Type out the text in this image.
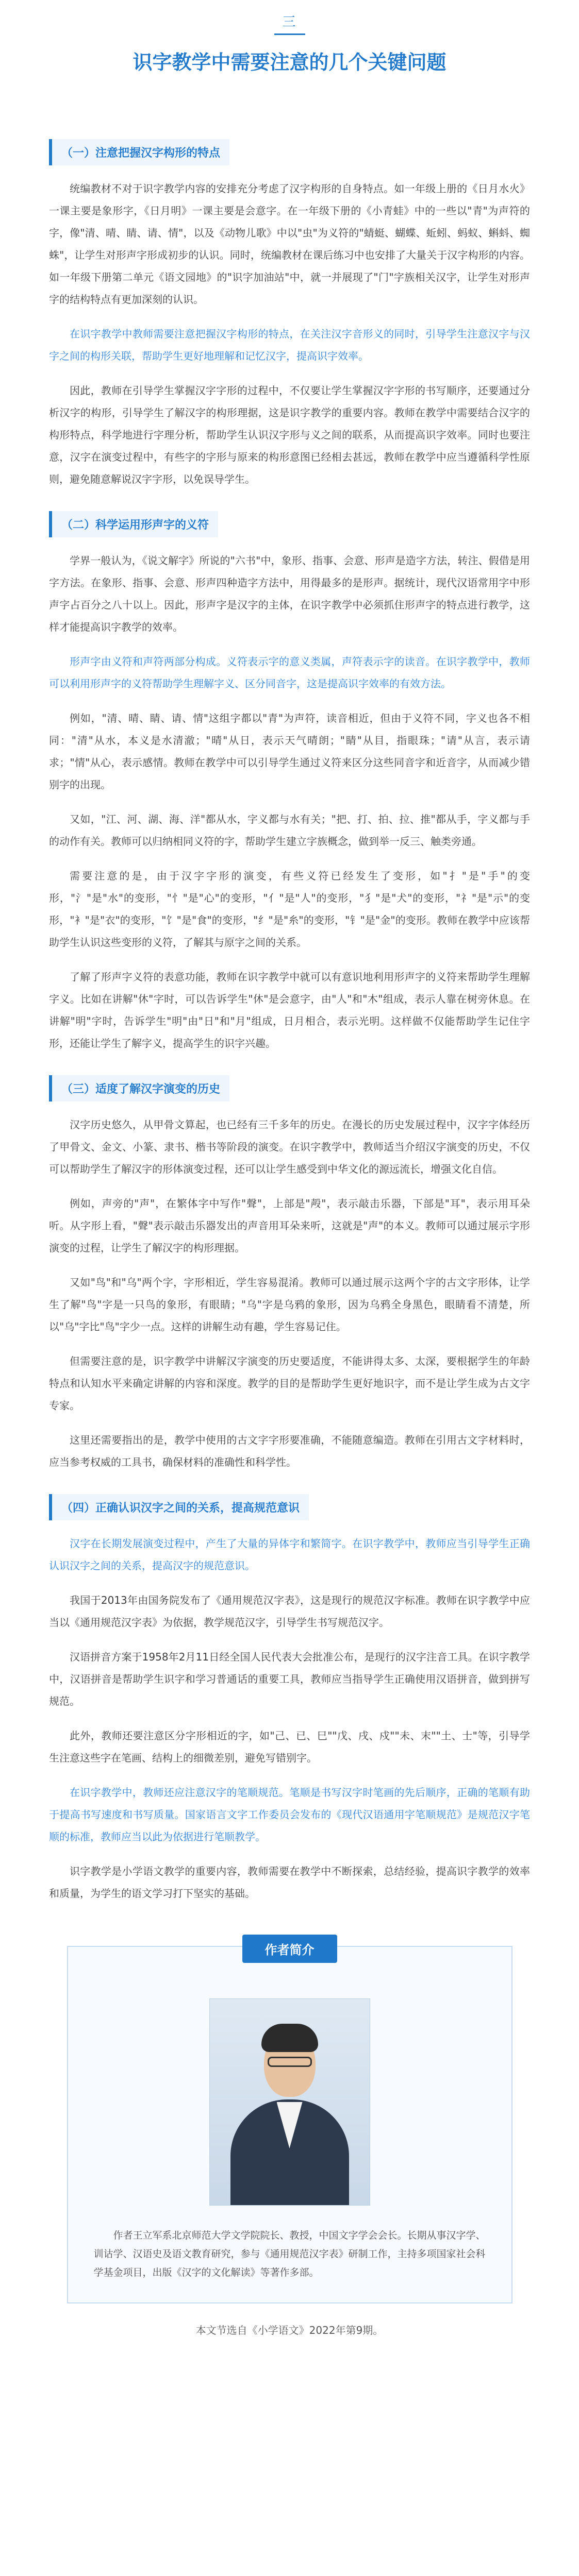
三
识字教学中需要注意的几个关键问题
（一）注意把握汉字构形的特点

统编教材不对于识字教学内容的安排充分考虑了汉字构形的自身特点。如一年级上册的《日月水火》一课主要是象形字，《日月明》一课主要是会意字。在一年级下册的《小青蛙》中的一些以"青"为声符的字，像"清、晴、睛、请、情"，以及《动物儿歌》中以"虫"为义符的"蜻蜓、蝴蝶、蚯蚓、蚂蚁、蝌蚪、蜘蛛"，让学生对形声字形成初步的认识。同时，统编教材在课后练习中也安排了大量关于汉字构形的内容。如一年级下册第二单元《语文园地》的"识字加油站"中，就一并展现了"门"字族相关汉字，让学生对形声字的结构特点有更加深刻的认识。

在识字教学中教师需要注意把握汉字构形的特点，在关注汉字音形义的同时，引导学生注意汉字与汉字之间的构形关联，帮助学生更好地理解和记忆汉字，提高识字效率。

因此，教师在引导学生掌握汉字字形的过程中，不仅要让学生掌握汉字字形的书写顺序，还要通过分析汉字的构形，引导学生了解汉字的构形理据，这是识字教学的重要内容。教师在教学中需要结合汉字的构形特点，科学地进行字理分析，帮助学生认识汉字形与义之间的联系，从而提高识字效率。同时也要注意，汉字在演变过程中，有些字的字形与原来的构形意图已经相去甚远，教师在教学中应当遵循科学性原则，避免随意解说汉字字形，以免误导学生。

（二）科学运用形声字的义符

学界一般认为，《说文解字》所说的"六书"中，象形、指事、会意、形声是造字方法，转注、假借是用字方法。在象形、指事、会意、形声四种造字方法中，用得最多的是形声。据统计，现代汉语常用字中形声字占百分之八十以上。因此，形声字是汉字的主体，在识字教学中必须抓住形声字的特点进行教学，这样才能提高识字教学的效率。

形声字由义符和声符两部分构成。义符表示字的意义类属，声符表示字的读音。在识字教学中，教师可以利用形声字的义符帮助学生理解字义、区分同音字，这是提高识字效率的有效方法。

例如，"清、晴、睛、请、情"这组字都以"青"为声符，读音相近，但由于义符不同，字义也各不相同："清"从水，本义是水清澈；"晴"从日，表示天气晴朗；"睛"从目，指眼珠；"请"从言，表示请求；"情"从心，表示感情。教师在教学中可以引导学生通过义符来区分这些同音字和近音字，从而减少错别字的出现。

又如，"江、河、湖、海、洋"都从水，字义都与水有关；"把、打、拍、拉、推"都从手，字义都与手的动作有关。教师可以归纳相同义符的字，帮助学生建立字族概念，做到举一反三、触类旁通。

需要注意的是，由于汉字字形的演变，有些义符已经发生了变形，如"扌"是"手"的变形，"氵"是"水"的变形，"忄"是"心"的变形，"亻"是"人"的变形，"犭"是"犬"的变形，"礻"是"示"的变形，"衤"是"衣"的变形，"饣"是"食"的变形，"纟"是"糸"的变形，"钅"是"金"的变形。教师在教学中应该帮助学生认识这些变形的义符，了解其与原字之间的关系。

了解了形声字义符的表意功能，教师在识字教学中就可以有意识地利用形声字的义符来帮助学生理解字义。比如在讲解"休"字时，可以告诉学生"休"是会意字，由"人"和"木"组成，表示人靠在树旁休息。在讲解"明"字时，告诉学生"明"由"日"和"月"组成，日月相合，表示光明。这样做不仅能帮助学生记住字形，还能让学生了解字义，提高学生的识字兴趣。

（三）适度了解汉字演变的历史

汉字历史悠久，从甲骨文算起，也已经有三千多年的历史。在漫长的历史发展过程中，汉字字体经历了甲骨文、金文、小篆、隶书、楷书等阶段的演变。在识字教学中，教师适当介绍汉字演变的历史，不仅可以帮助学生了解汉字的形体演变过程，还可以让学生感受到中华文化的源远流长，增强文化自信。

例如，声旁的"声"，在繁体字中写作"聲"，上部是"殸"，表示敲击乐器，下部是"耳"，表示用耳朵听。从字形上看，"聲"表示敲击乐器发出的声音用耳朵来听，这就是"声"的本义。教师可以通过展示字形演变的过程，让学生了解汉字的构形理据。

又如"鸟"和"乌"两个字，字形相近，学生容易混淆。教师可以通过展示这两个字的古文字形体，让学生了解"鸟"字是一只鸟的象形，有眼睛；"乌"字是乌鸦的象形，因为乌鸦全身黑色，眼睛看不清楚，所以"乌"字比"鸟"字少一点。这样的讲解生动有趣，学生容易记住。

但需要注意的是，识字教学中讲解汉字演变的历史要适度，不能讲得太多、太深，要根据学生的年龄特点和认知水平来确定讲解的内容和深度。教学的目的是帮助学生更好地识字，而不是让学生成为古文字专家。

这里还需要指出的是，教学中使用的古文字字形要准确，不能随意编造。教师在引用古文字材料时，应当参考权威的工具书，确保材料的准确性和科学性。

（四）正确认识汉字之间的关系，提高规范意识

汉字在长期发展演变过程中，产生了大量的异体字和繁简字。在识字教学中，教师应当引导学生正确认识汉字之间的关系，提高汉字的规范意识。

我国于2013年由国务院发布了《通用规范汉字表》，这是现行的规范汉字标准。教师在识字教学中应当以《通用规范汉字表》为依据，教学规范汉字，引导学生书写规范汉字。

汉语拼音方案于1958年2月11日经全国人民代表大会批准公布，是现行的汉字注音工具。在识字教学中，汉语拼音是帮助学生识字和学习普通话的重要工具，教师应当指导学生正确使用汉语拼音，做到拼写规范。

此外，教师还要注意区分字形相近的字，如"己、已、巳""戊、戌、戍""未、末""土、士"等，引导学生注意这些字在笔画、结构上的细微差别，避免写错别字。

在识字教学中，教师还应注意汉字的笔顺规范。笔顺是书写汉字时笔画的先后顺序，正确的笔顺有助于提高书写速度和书写质量。国家语言文字工作委员会发布的《现代汉语通用字笔顺规范》是规范汉字笔顺的标准，教师应当以此为依据进行笔顺教学。

识字教学是小学语文教学的重要内容，教师需要在教学中不断探索，总结经验，提高识字教学的效率和质量，为学生的语文学习打下坚实的基础。

作者简介
作者王立军系北京师范大学文学院院长、教授，中国文字学会会长。长期从事汉字学、训诂学、汉语史及语文教育研究，参与《通用规范汉字表》研制工作，主持多项国家社会科学基金项目，出版《汉字的文化解读》等著作多部。
本文节选自《小学语文》2022年第9期。
